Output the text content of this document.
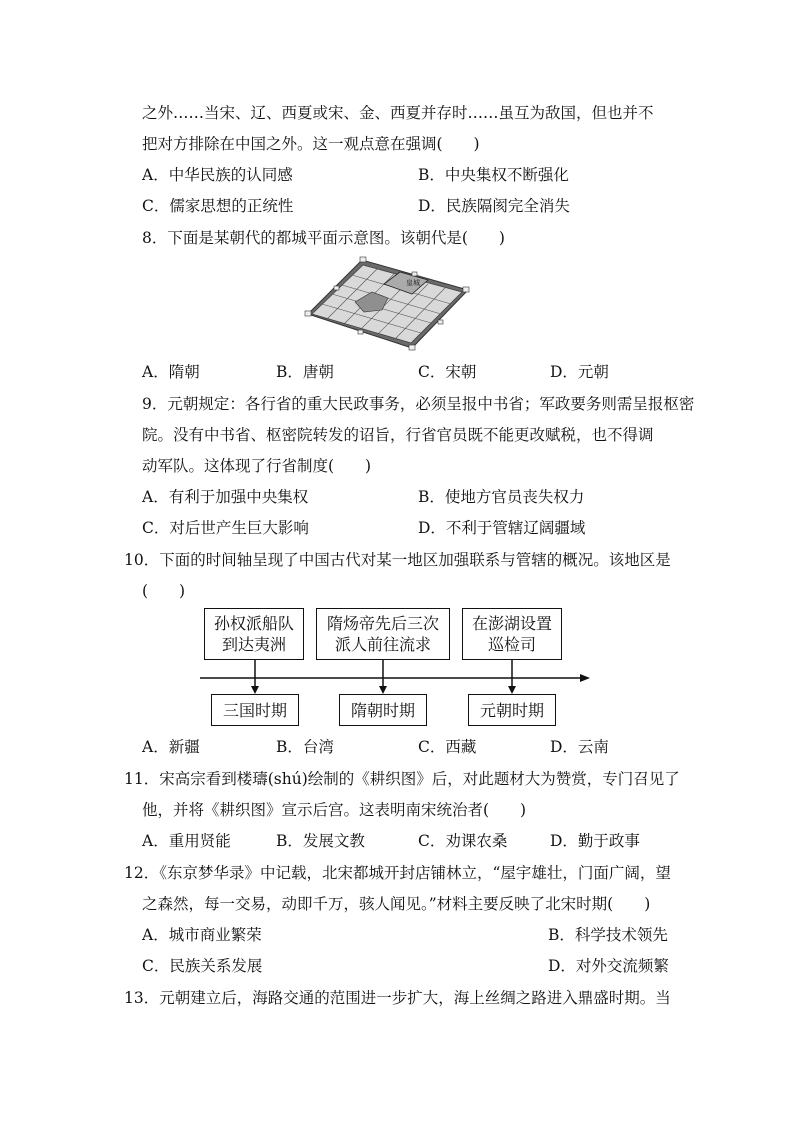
之外……当宋、辽、西夏或宋、金、西夏并存时……虽互为敌国，但也并不
把对方排除在中国之外。这一观点意在强调(　　)
A．中华民族的认同感	B．中央集权不断强化
C．儒家思想的正统性	D．民族隔阂完全消失
8．下面是某朝代的都城平面示意图。该朝代是(　　)
皇城
A．隋朝	B．唐朝	C．宋朝	D．元朝
9．元朝规定：各行省的重大民政事务，必须呈报中书省；军政要务则需呈报枢密
院。没有中书省、枢密院转发的诏旨，行省官员既不能更改赋税，也不得调
动军队。这体现了行省制度(　　)
A．有利于加强中央集权	B．使地方官员丧失权力
C．对后世产生巨大影响	D．不利于管辖辽阔疆域
10．下面的时间轴呈现了中国古代对某一地区加强联系与管辖的概况。该地区是
(　　)
孙权派船队
到达夷洲
隋炀帝先后三次
派人前往流求
在澎湖设置
巡检司
三国时期	隋朝时期	元朝时期
A．新疆	B．台湾	C．西藏	D．云南
11．宋高宗看到楼璹(shú)绘制的《耕织图》后，对此题材大为赞赏，专门召见了
他，并将《耕织图》宣示后宫。这表明南宋统治者(　　)
A．重用贤能	B．发展文教	C．劝课农桑	D．勤于政事
12．《东京梦华录》中记载，北宋都城开封店铺林立，“屋宇雄壮，门面广阔，望
之森然，每一交易，动即千万，骇人闻见。”材料主要反映了北宋时期(　　)
A．城市商业繁荣	B．科学技术领先
C．民族关系发展	D．对外交流频繁
13．元朝建立后，海路交通的范围进一步扩大，海上丝绸之路进入鼎盛时期。当
